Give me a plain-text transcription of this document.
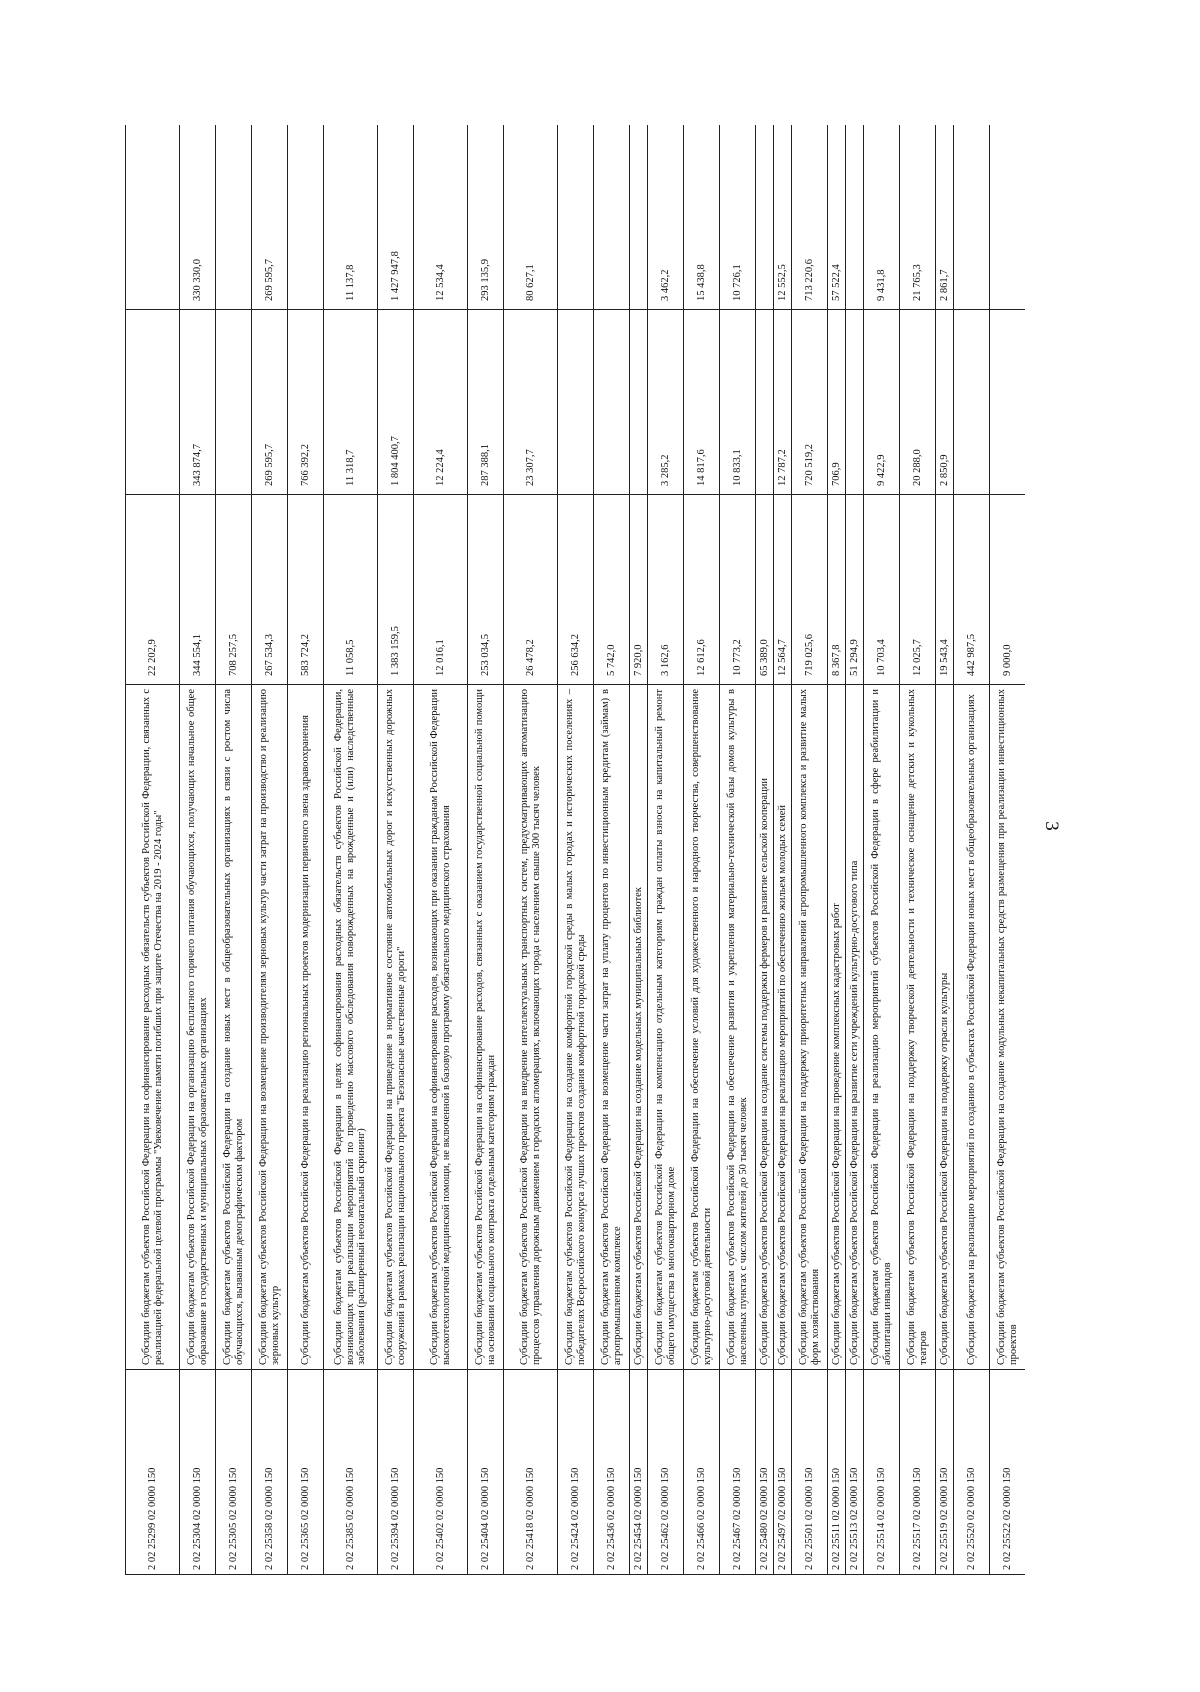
3
2 02 25299 02 0000 150	Субсидии бюджетам субъектов Российской Федерации на софинансирование расходных обязательств субъектов Российской Федерации, связанных с реализацией федеральной целевой программы "Увековечение памяти погибших при защите Отечества на 2019 - 2024 годы"	22 202,9		
2 02 25304 02 0000 150	Субсидии бюджетам субъектов Российской Федерации на организацию бесплатного горячего питания обучающихся, получающих начальное общее образование в государственных и муниципальных образовательных организациях	344 554,1	343 874,7	330 330,0
2 02 25305 02 0000 150	Субсидии бюджетам субъектов Российской Федерации на создание новых мест в общеобразовательных организациях в связи с ростом числа обучающихся, вызванным демографическим фактором	708 257,5		
2 02 25358 02 0000 150	Субсидии бюджетам субъектов Российской Федерации на возмещение производителям зерновых культур части затрат на производство и реализацию зерновых культур	267 534,3	269 595,7	269 595,7
2 02 25365 02 0000 150	Субсидии бюджетам субъектов Российской Федерации на реализацию региональных проектов модернизации первичного звена здравоохранения	583 724,2	766 392,2	
2 02 25385 02 0000 150	Субсидии бюджетам субъектов Российской Федерации в целях софинансирования расходных обязательств субъектов Российской Федерации, возникающих при реализации мероприятий по проведению массового обследования новорожденных на врожденные и (или) наследственные заболевания (расширенный неонатальный скрининг)	11 058,5	11 318,7	11 137,8
2 02 25394 02 0000 150	Субсидии бюджетам субъектов Российской Федерации на приведение в нормативное состояние автомобильных дорог и искусственных дорожных сооружений в рамках реализации национального проекта "Безопасные качественные дороги"	1 383 159,5	1 804 400,7	1 427 947,8
2 02 25402 02 0000 150	Субсидии бюджетам субъектов Российской Федерации на софинансирование расходов, возникающих при оказании гражданам Российской Федерации высокотехнологичной медицинской помощи, не включенной в базовую программу обязательного медицинского страхования	12 016,1	12 224,4	12 534,4
2 02 25404 02 0000 150	Субсидии бюджетам субъектов Российской Федерации на софинансирование расходов, связанных с оказанием государственной социальной помощи на основании социального контракта отдельным категориям граждан	253 034,5	287 388,1	293 135,9
2 02 25418 02 0000 150	Субсидии бюджетам субъектов Российской Федерации на внедрение интеллектуальных транспортных систем, предусматривающих автоматизацию процессов управления дорожным движением в городских агломерациях, включающих города с населением свыше 300 тысяч человек	26 478,2	23 307,7	80 627,1
2 02 25424 02 0000 150	Субсидии бюджетам субъектов Российской Федерации на создание комфортной городской среды в малых городах и исторических поселениях – победителях Всероссийского конкурса лучших проектов создания комфортной городской среды	256 634,2		
2 02 25436 02 0000 150	Субсидии бюджетам субъектов Российской Федерации на возмещение части затрат на уплату процентов по инвестиционным кредитам (займам) в агропромышленном комплексе	5 742,0		
2 02 25454 02 0000 150	Субсидии бюджетам субъектов Российской Федерации на создание модельных муниципальных библиотек	7 920,0		
2 02 25462 02 0000 150	Субсидии бюджетам субъектов Российской Федерации на компенсацию отдельным категориям граждан оплаты взноса на капитальный ремонт общего имущества в многоквартирном доме	3 162,6	3 285,2	3 462,2
2 02 25466 02 0000 150	Субсидии бюджетам субъектов Российской Федерации на обеспечение условий для художественного и народного творчества, совершенствование культурно-досуговой деятельности	12 612,6	14 817,6	15 438,8
2 02 25467 02 0000 150	Субсидии бюджетам субъектов Российской Федерации на обеспечение развития и укрепления материально-технической базы домов культуры в населенных пунктах с числом жителей до 50 тысяч человек	10 773,2	10 833,1	10 726,1
2 02 25480 02 0000 150	Субсидии бюджетам субъектов Российской Федерации на создание системы поддержки фермеров и развитие сельской кооперации	65 389,0		
2 02 25497 02 0000 150	Субсидии бюджетам субъектов Российской Федерации на реализацию мероприятий по обеспечению жильем молодых семей	12 564,7	12 787,2	12 552,5
2 02 25501 02 0000 150	Субсидии бюджетам субъектов Российской Федерации на поддержку приоритетных направлений агропромышленного комплекса и развитие малых форм хозяйствования	719 025,6	720 519,2	713 220,6
2 02 25511 02 0000 150	Субсидии бюджетам субъектов Российской Федерации на проведение комплексных кадастровых работ	8 367,8	706,9	57 522,4
2 02 25513 02 0000 150	Субсидии бюджетам субъектов Российской Федерации на развитие сети учреждений культурно-досугового типа	51 294,9		
2 02 25514 02 0000 150	Субсидии бюджетам субъектов Российской Федерации на реализацию мероприятий субъектов Российской Федерации в сфере реабилитации и абилитации инвалидов	10 703,4	9 422,9	9 431,8
2 02 25517 02 0000 150	Субсидии бюджетам субъектов Российской Федерации на поддержку творческой деятельности и техническое оснащение детских и кукольных театров	12 025,7	20 288,0	21 765,3
2 02 25519 02 0000 150	Субсидии бюджетам субъектов Российской Федерации на поддержку отрасли культуры	19 543,4	2 850,9	2 861,7
2 02 25520 02 0000 150	Субсидии бюджетам на реализацию мероприятий по созданию в субъектах Российской Федерации новых мест в общеобразовательных организациях	442 987,5		
2 02 25522 02 0000 150	Субсидии бюджетам субъектов Российской Федерации на создание модульных некапитальных средств размещения при реализации инвестиционных проектов	9 000,0		
